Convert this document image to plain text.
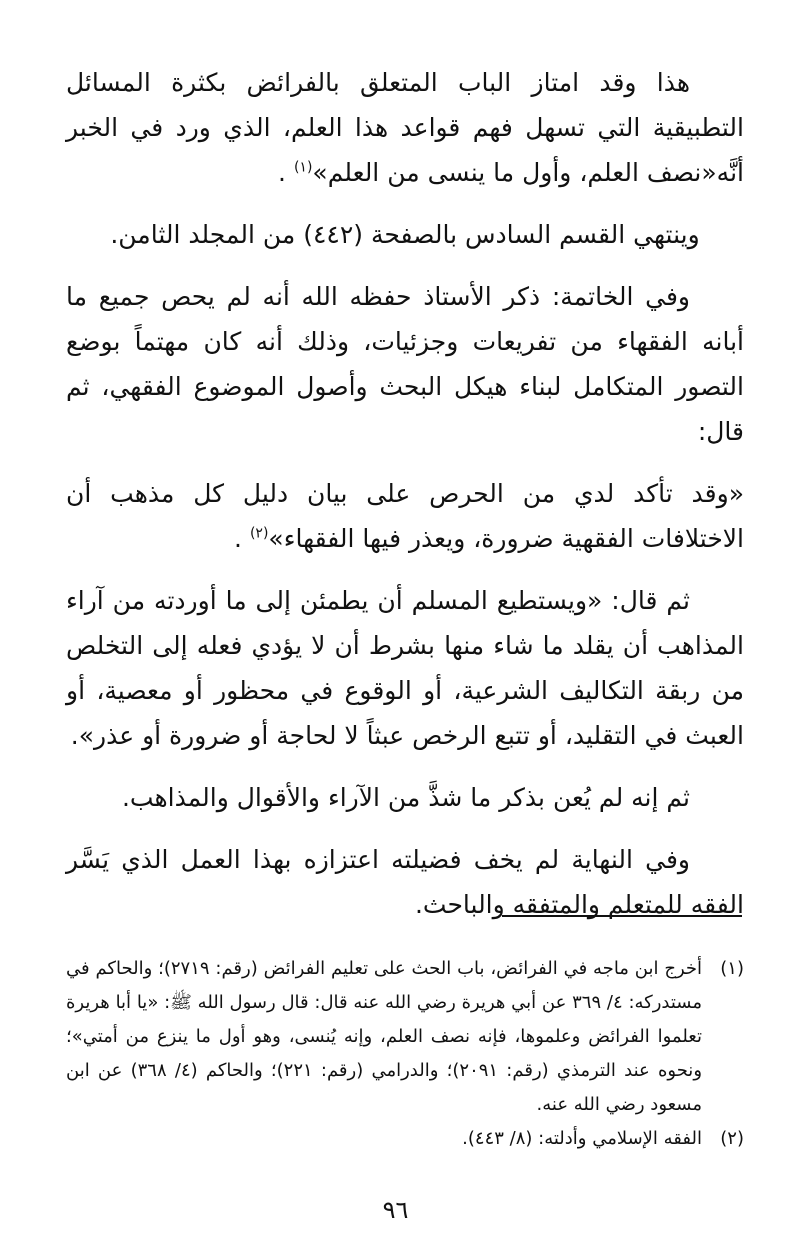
هذا وقد امتاز الباب المتعلق بالفرائض بكثرة المسائل التطبيقية التي تسهل فهم قواعد هذا العلم، الذي ورد في الخبر أنَّه«نصف العلم، وأول ما ينسى من العلم»$^{(١)}$ .

وينتهي القسم السادس بالصفحة (٤٤٢) من المجلد الثامن.

وفي الخاتمة: ذكر الأستاذ حفظه الله أنه لم يحص جميع ما أبانه الفقهاء من تفريعات وجزئيات، وذلك أنه كان مهتماً بوضع التصور المتكامل لبناء هيكل البحث وأصول الموضوع الفقهي، ثم قال:

«وقد تأكد لدي من الحرص على بيان دليل كل مذهب أن الاختلافات الفقهية ضرورة، ويعذر فيها الفقهاء»$^{(٢)}$ .

ثم قال: «ويستطيع المسلم أن يطمئن إلى ما أوردته من آراء المذاهب أن يقلد ما شاء منها بشرط أن لا يؤدي فعله إلى التخلص من ربقة التكاليف الشرعية، أو الوقوع في محظور أو معصية، أو العبث في التقليد، أو تتبع الرخص عبثاً لا لحاجة أو ضرورة أو عذر».

ثم إنه لم يُعن بذكر ما شذَّ من الآراء والأقوال والمذاهب.

وفي النهاية لم يخف فضيلته اعتزازه بهذا العمل الذي يَسَّر الفقه للمتعلم والمتفقه والباحث.

(١)
أخرج ابن ماجه في الفرائض، باب الحث على تعليم الفرائض (رقم: ٢٧١٩)؛ والحاكم في مستدركه: ٤/ ٣٦٩ عن أبي هريرة رضي الله عنه قال: قال رسول الله ﷺ: «يا أبا هريرة تعلموا الفرائض وعلموها، فإنه نصف العلم، وإنه يُنسى، وهو أول ما ينزع من أمتي»؛ ونحوه عند الترمذي (رقم: ٢٠٩١)؛ والدرامي (رقم: ٢٢١)؛ والحاكم (٤/ ٣٦٨) عن ابن مسعود رضي الله عنه.
(٢)
الفقه الإسلامي وأدلته: (٨/ ٤٤٣).
٩٦
